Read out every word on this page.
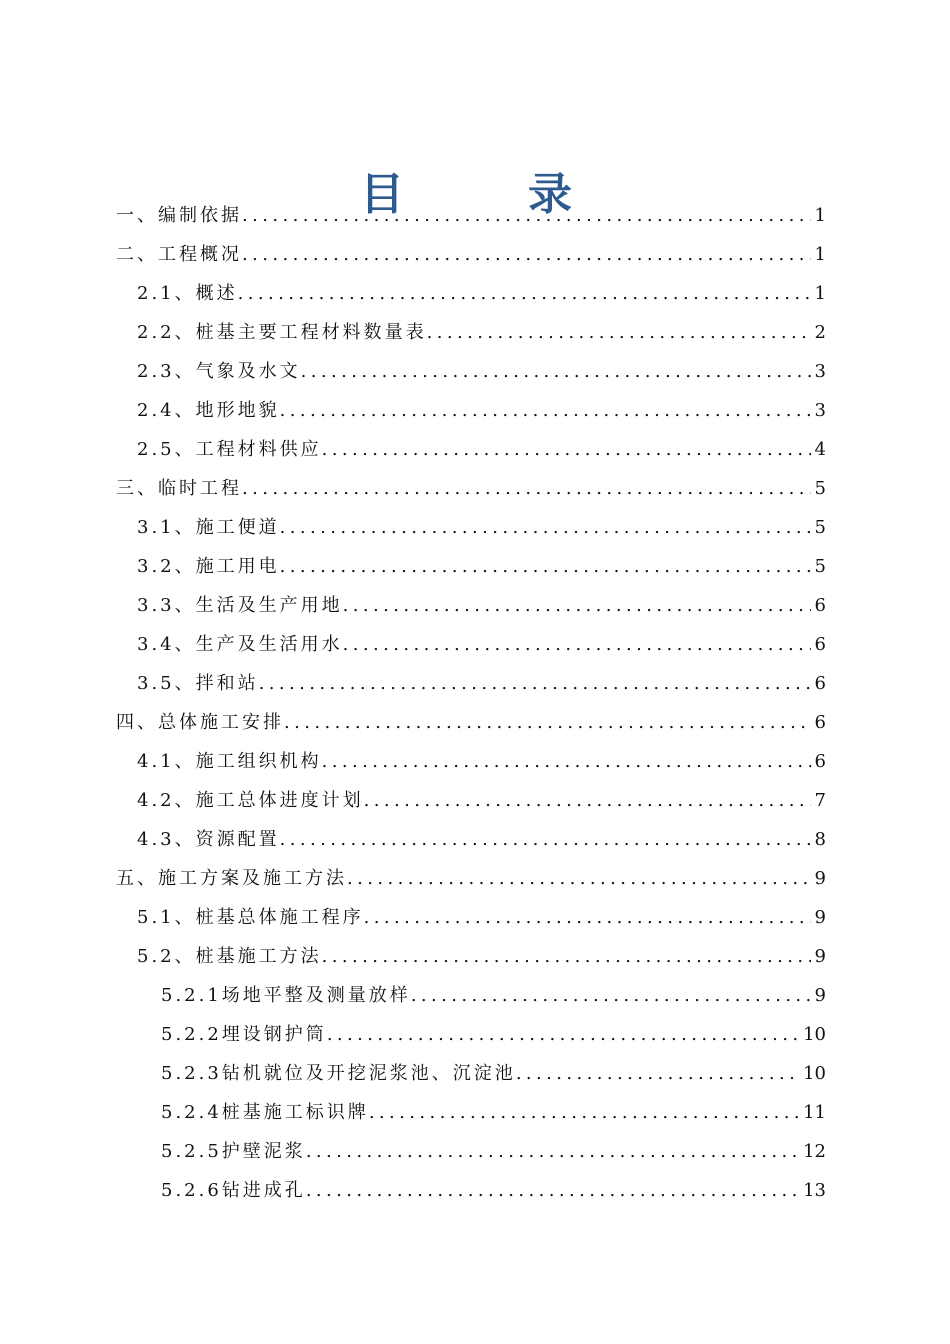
目　录
一、编制依据 .....	1
二、工程概况 .....	1
2.1、概述 .....	1
2.2、桩基主要工程材料数量表 .....	2
2.3、气象及水文 .....	3
2.4、地形地貌 .....	3
2.5、工程材料供应 .....	4
三、临时工程 .....	5
3.1、施工便道 .....	5
3.2、施工用电 .....	5
3.3、生活及生产用地 .....	6
3.4、生产及生活用水 .....	6
3.5、拌和站 .....	6
四、总体施工安排 .....	6
4.1、施工组织机构 .....	6
4.2、施工总体进度计划 .....	7
4.3、资源配置 .....	8
五、施工方案及施工方法 .....	9
5.1、桩基总体施工程序 .....	9
5.2、桩基施工方法 .....	9
5.2.1场地平整及测量放样 .....	9
5.2.2埋设钢护筒 .....	10
5.2.3钻机就位及开挖泥浆池、沉淀池 .....	10
5.2.4桩基施工标识牌 .....	11
5.2.5护壁泥浆 .....	12
5.2.6钻进成孔 .....	13
